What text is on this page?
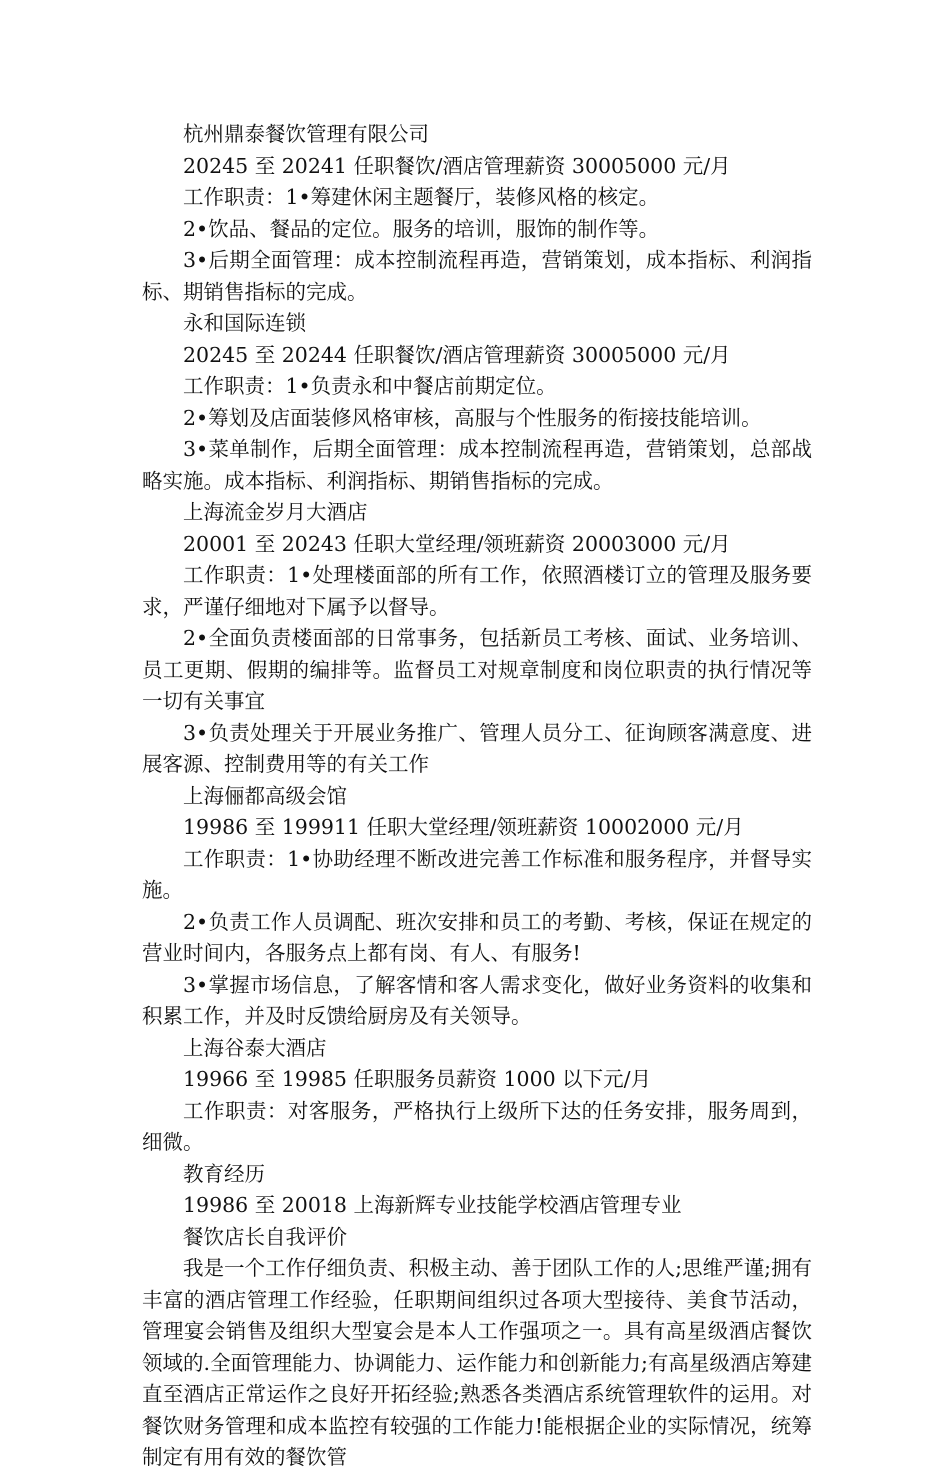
杭州鼎泰餐饮管理有限公司

20245 至 20241 任职餐饮/酒店管理薪资 30005000 元/月

工作职责：1•筹建休闲主题餐厅，装修风格的核定。

2•饮品、餐品的定位。服务的培训，服饰的制作等。

3•后期全面管理：成本控制流程再造，营销策划，成本指标、利润指标、期销售指标的完成。

永和国际连锁

20245 至 20244 任职餐饮/酒店管理薪资 30005000 元/月

工作职责：1•负责永和中餐店前期定位。

2•筹划及店面装修风格审核，高服与个性服务的衔接技能培训。

3•菜单制作，后期全面管理：成本控制流程再造，营销策划，总部战略实施。成本指标、利润指标、期销售指标的完成。

上海流金岁月大酒店

20001 至 20243 任职大堂经理/领班薪资 20003000 元/月

工作职责：1•处理楼面部的所有工作，依照酒楼订立的管理及服务要求，严谨仔细地对下属予以督导。

2•全面负责楼面部的日常事务，包括新员工考核、面试、业务培训、员工更期、假期的编排等。监督员工对规章制度和岗位职责的执行情况等一切有关事宜

3•负责处理关于开展业务推广、管理人员分工、征询顾客满意度、进展客源、控制费用等的有关工作

上海俪都高级会馆

19986 至 199911 任职大堂经理/领班薪资 10002000 元/月

工作职责：1•协助经理不断改进完善工作标准和服务程序，并督导实施。

2•负责工作人员调配、班次安排和员工的考勤、考核，保证在规定的营业时间内，各服务点上都有岗、有人、有服务!

3•掌握市场信息，了解客情和客人需求变化，做好业务资料的收集和积累工作，并及时反馈给厨房及有关领导。

上海谷泰大酒店

19966 至 19985 任职服务员薪资 1000 以下元/月

工作职责：对客服务，严格执行上级所下达的任务安排，服务周到，细微。

教育经历

19986 至 20018 上海新辉专业技能学校酒店管理专业

餐饮店长自我评价

我是一个工作仔细负责、积极主动、善于团队工作的人;思维严谨;拥有丰富的酒店管理工作经验，任职期间组织过各项大型接待、美食节活动，管理宴会销售及组织大型宴会是本人工作强项之一。具有高星级酒店餐饮领域的.全面管理能力、协调能力、运作能力和创新能力;有高星级酒店筹建直至酒店正常运作之良好开拓经验;熟悉各类酒店系统管理软件的运用。对餐饮财务管理和成本监控有较强的工作能力!能根据企业的实际情况，统筹制定有用有效的餐饮管
